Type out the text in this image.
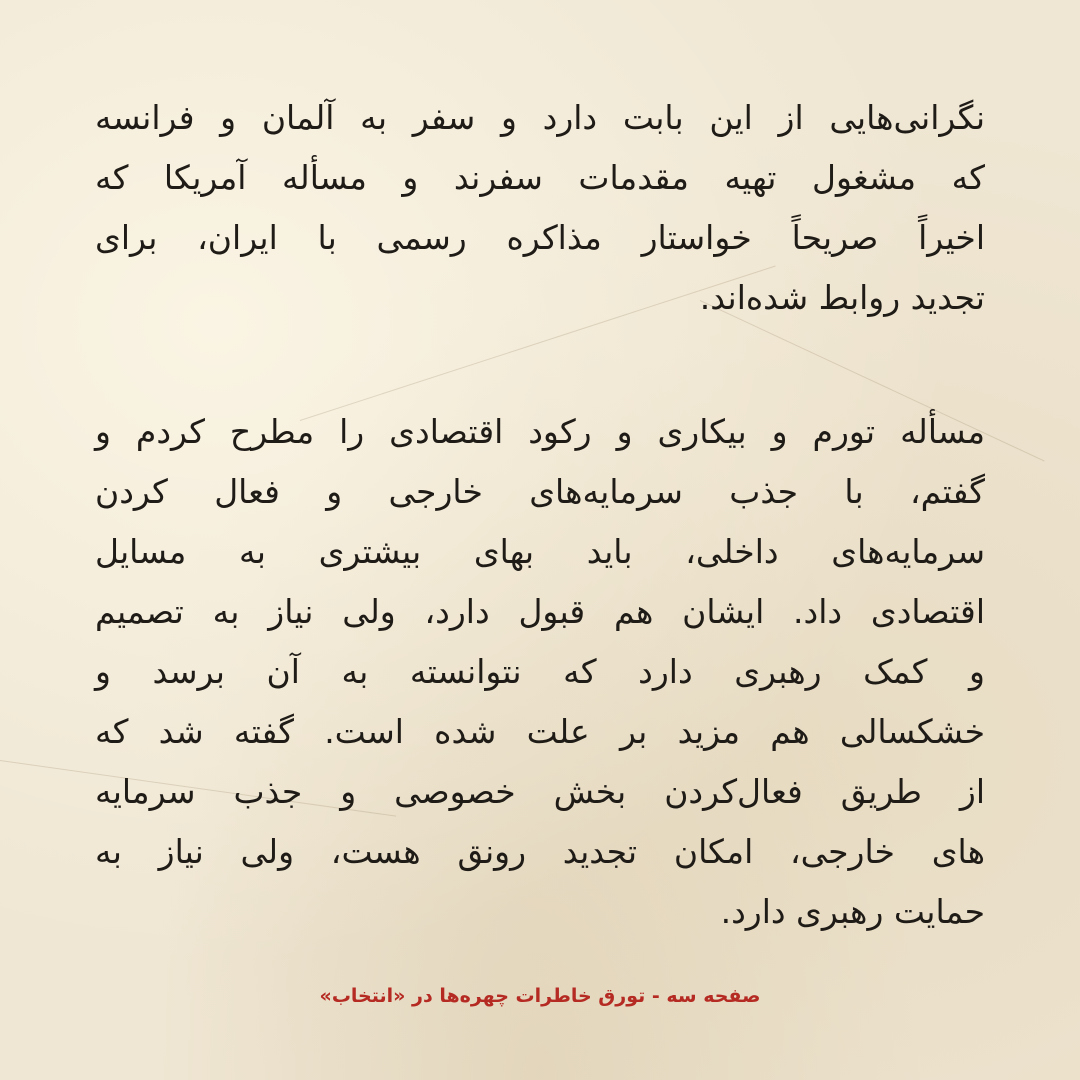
نگرانی‌هایی از این بابت دارد و سفر به آلمان و فرانسه
که مشغول تهیه مقدمات سفرند و مسأله آمریکا که
اخیراً صریحاً خواستار مذاکره رسمی با ایران، برای
تجدید روابط شده‌اند.
مسأله تورم و بیکاری و رکود اقتصادی را مطرح کردم و
گفتم، با جذب سرمایه‌های خارجی و فعال کردن
سرمایه‌های داخلی، باید بهای بیشتری به مسایل
اقتصادی داد. ایشان هم قبول دارد، ولی نیاز به تصمیم
و کمک رهبری دارد که نتوانسته به آن برسد و
خشکسالی هم مزید بر علت شده است. گفته شد که
از طریق فعال‌کردن بخش خصوصی و جذب سرمایه
های خارجی، امکان تجدید رونق هست، ولی نیاز به
حمایت رهبری دارد.
صفحه سه - تورق خاطرات چهره‌ها در «انتخاب»
